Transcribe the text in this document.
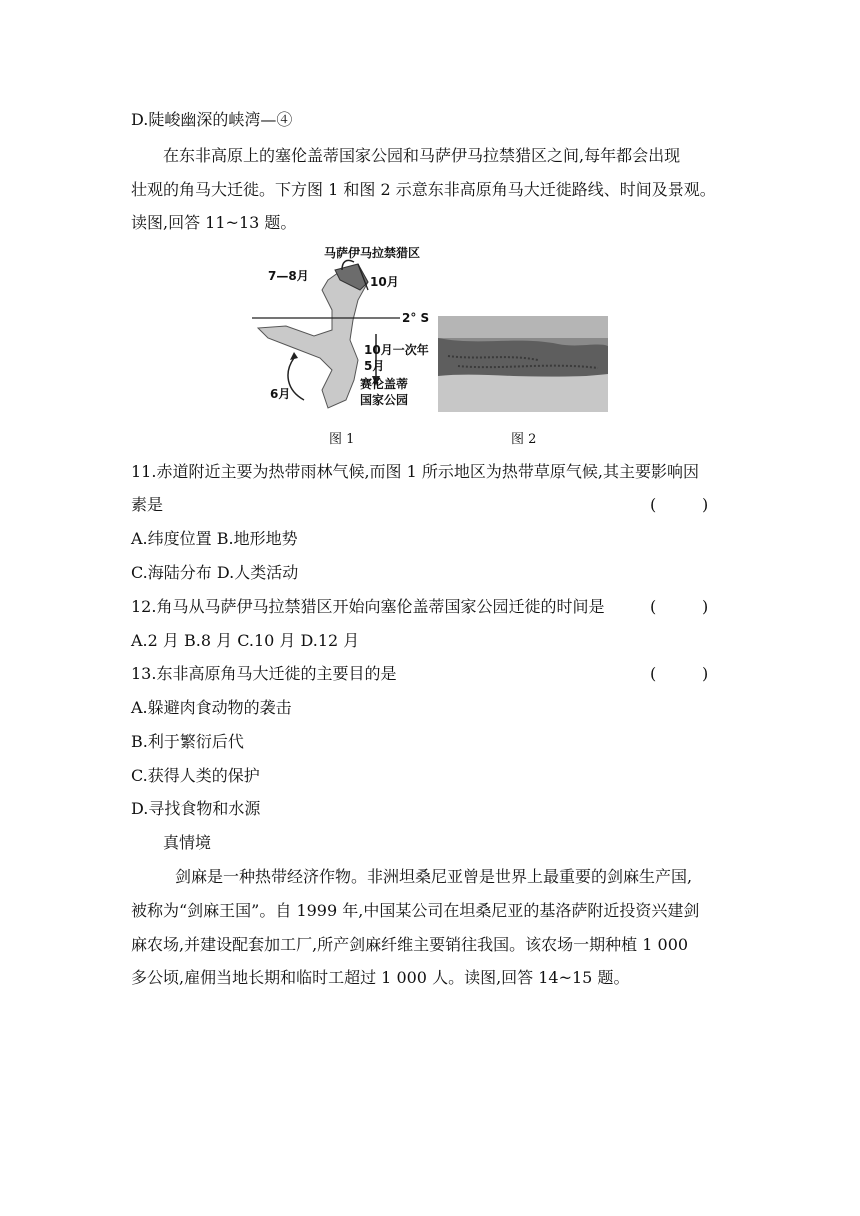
D.陡峻幽深的峡湾—④
在东非高原上的塞伦盖蒂国家公园和马萨伊马拉禁猎区之间,每年都会出现
壮观的角马大迁徙。下方图 1 和图 2 示意东非高原角马大迁徙路线、时间及景观。
读图,回答 11~13 题。
马萨伊马拉禁猎区
7—8月	10月
2° S
10月一次年
5月
赛伦盖蒂
国家公园
6月
图 1	图 2
11.赤道附近主要为热带雨林气候,而图 1 所示地区为热带草原气候,其主要影响因
素是	(         )
A.纬度位置 B.地形地势
C.海陆分布 D.人类活动
12.角马从马萨伊马拉禁猎区开始向塞伦盖蒂国家公园迁徙的时间是	(         )
A.2 月 B.8 月 C.10 月 D.12 月
13.东非高原角马大迁徙的主要目的是	(         )
A.躲避肉食动物的袭击
B.利于繁衍后代
C.获得人类的保护
D.寻找食物和水源
真情境
剑麻是一种热带经济作物。非洲坦桑尼亚曾是世界上最重要的剑麻生产国,
被称为“剑麻王国”。自 1999 年,中国某公司在坦桑尼亚的基洛萨附近投资兴建剑
麻农场,并建设配套加工厂,所产剑麻纤维主要销往我国。该农场一期种植 1 000
多公顷,雇佣当地长期和临时工超过 1 000 人。读图,回答 14~15 题。
